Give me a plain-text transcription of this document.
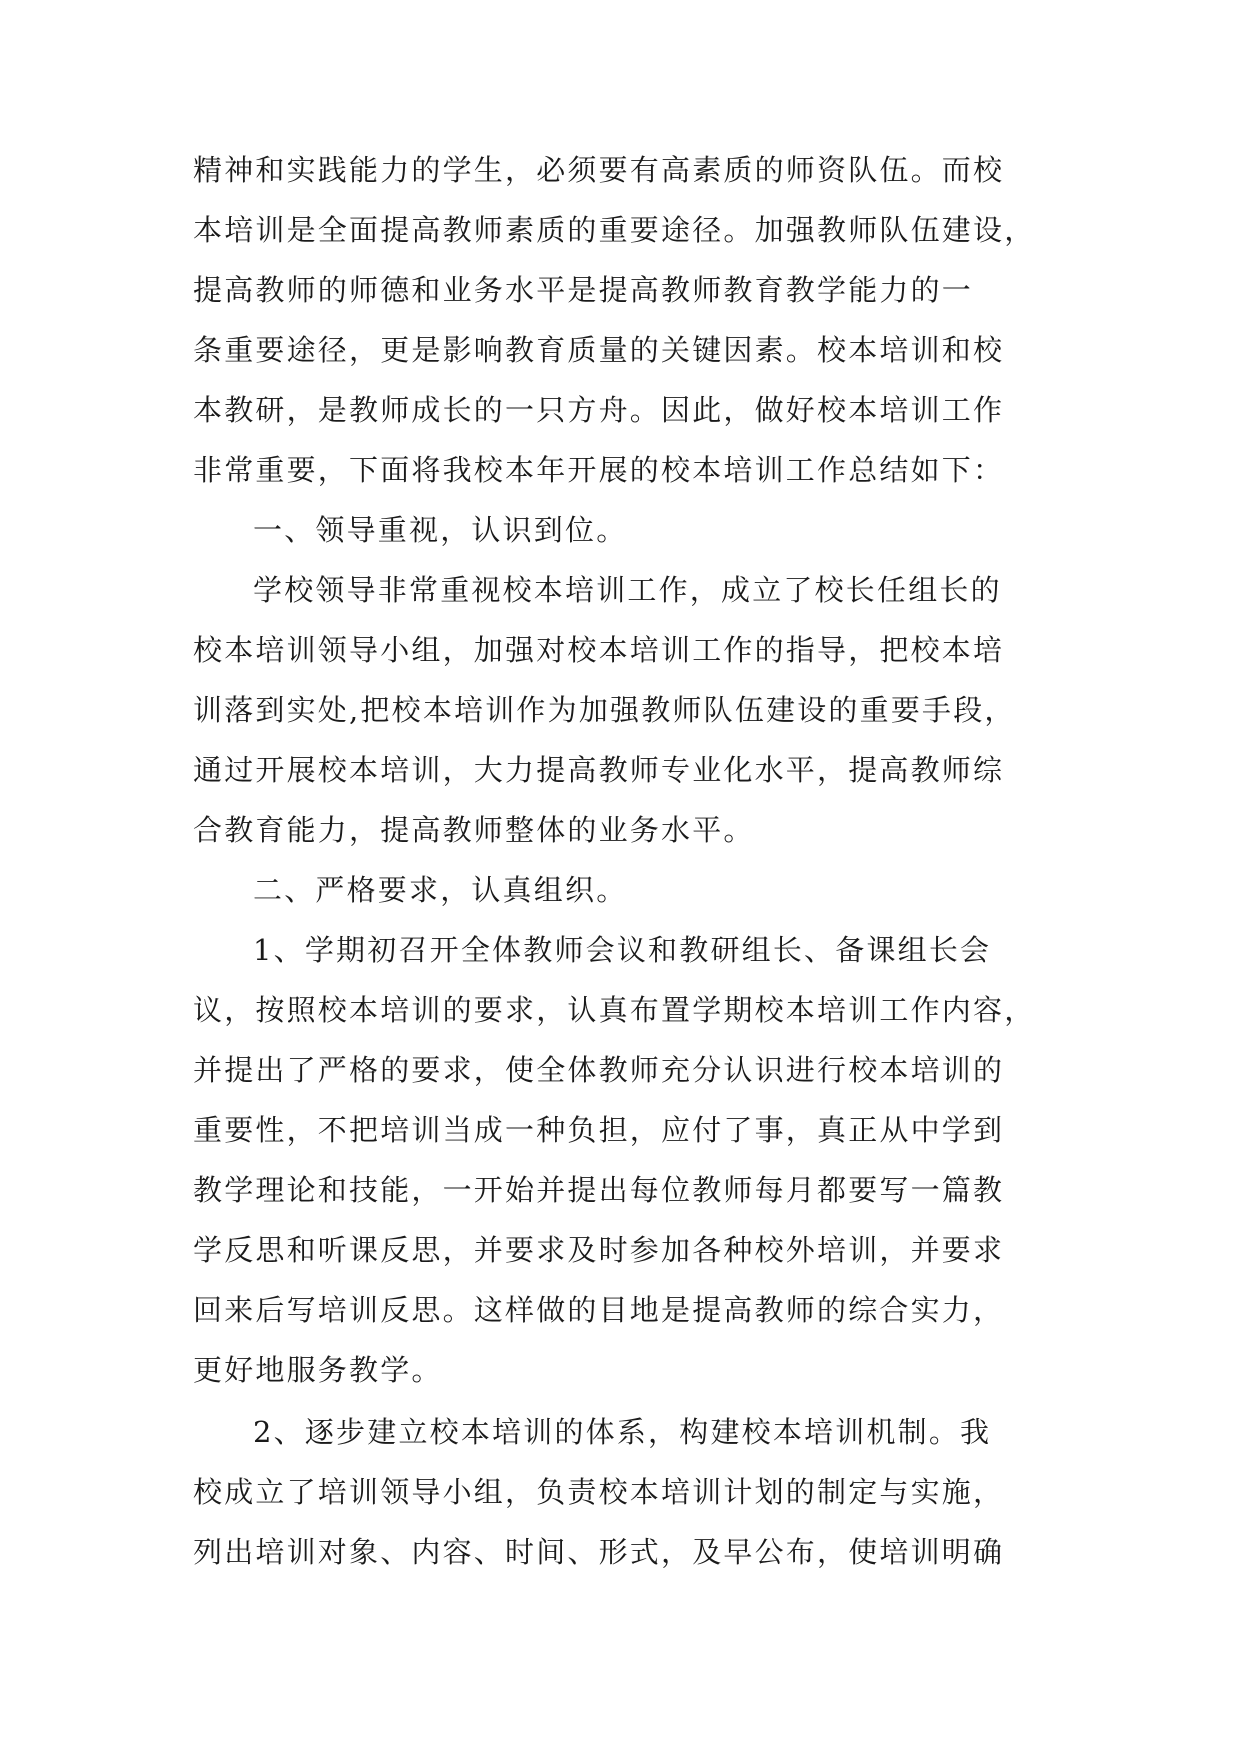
精神和实践能力的学生，必须要有高素质的师资队伍。而校
本培训是全面提高教师素质的重要途径。加强教师队伍建设，
提高教师的师德和业务水平是提高教师教育教学能力的一
条重要途径，更是影响教育质量的关键因素。校本培训和校
本教研，是教师成长的一只方舟。因此，做好校本培训工作
非常重要，下面将我校本年开展的校本培训工作总结如下：
一、领导重视，认识到位。
学校领导非常重视校本培训工作，成立了校长任组长的
校本培训领导小组，加强对校本培训工作的指导，把校本培
训落到实处,把校本培训作为加强教师队伍建设的重要手段，
通过开展校本培训，大力提高教师专业化水平，提高教师综
合教育能力，提高教师整体的业务水平。
二、严格要求，认真组织。
1、学期初召开全体教师会议和教研组长、备课组长会
议，按照校本培训的要求，认真布置学期校本培训工作内容，
并提出了严格的要求，使全体教师充分认识进行校本培训的
重要性，不把培训当成一种负担，应付了事，真正从中学到
教学理论和技能，一开始并提出每位教师每月都要写一篇教
学反思和听课反思，并要求及时参加各种校外培训，并要求
回来后写培训反思。这样做的目地是提高教师的综合实力，
更好地服务教学。
2、逐步建立校本培训的体系，构建校本培训机制。我
校成立了培训领导小组，负责校本培训计划的制定与实施，
列出培训对象、内容、时间、形式，及早公布，使培训明确
